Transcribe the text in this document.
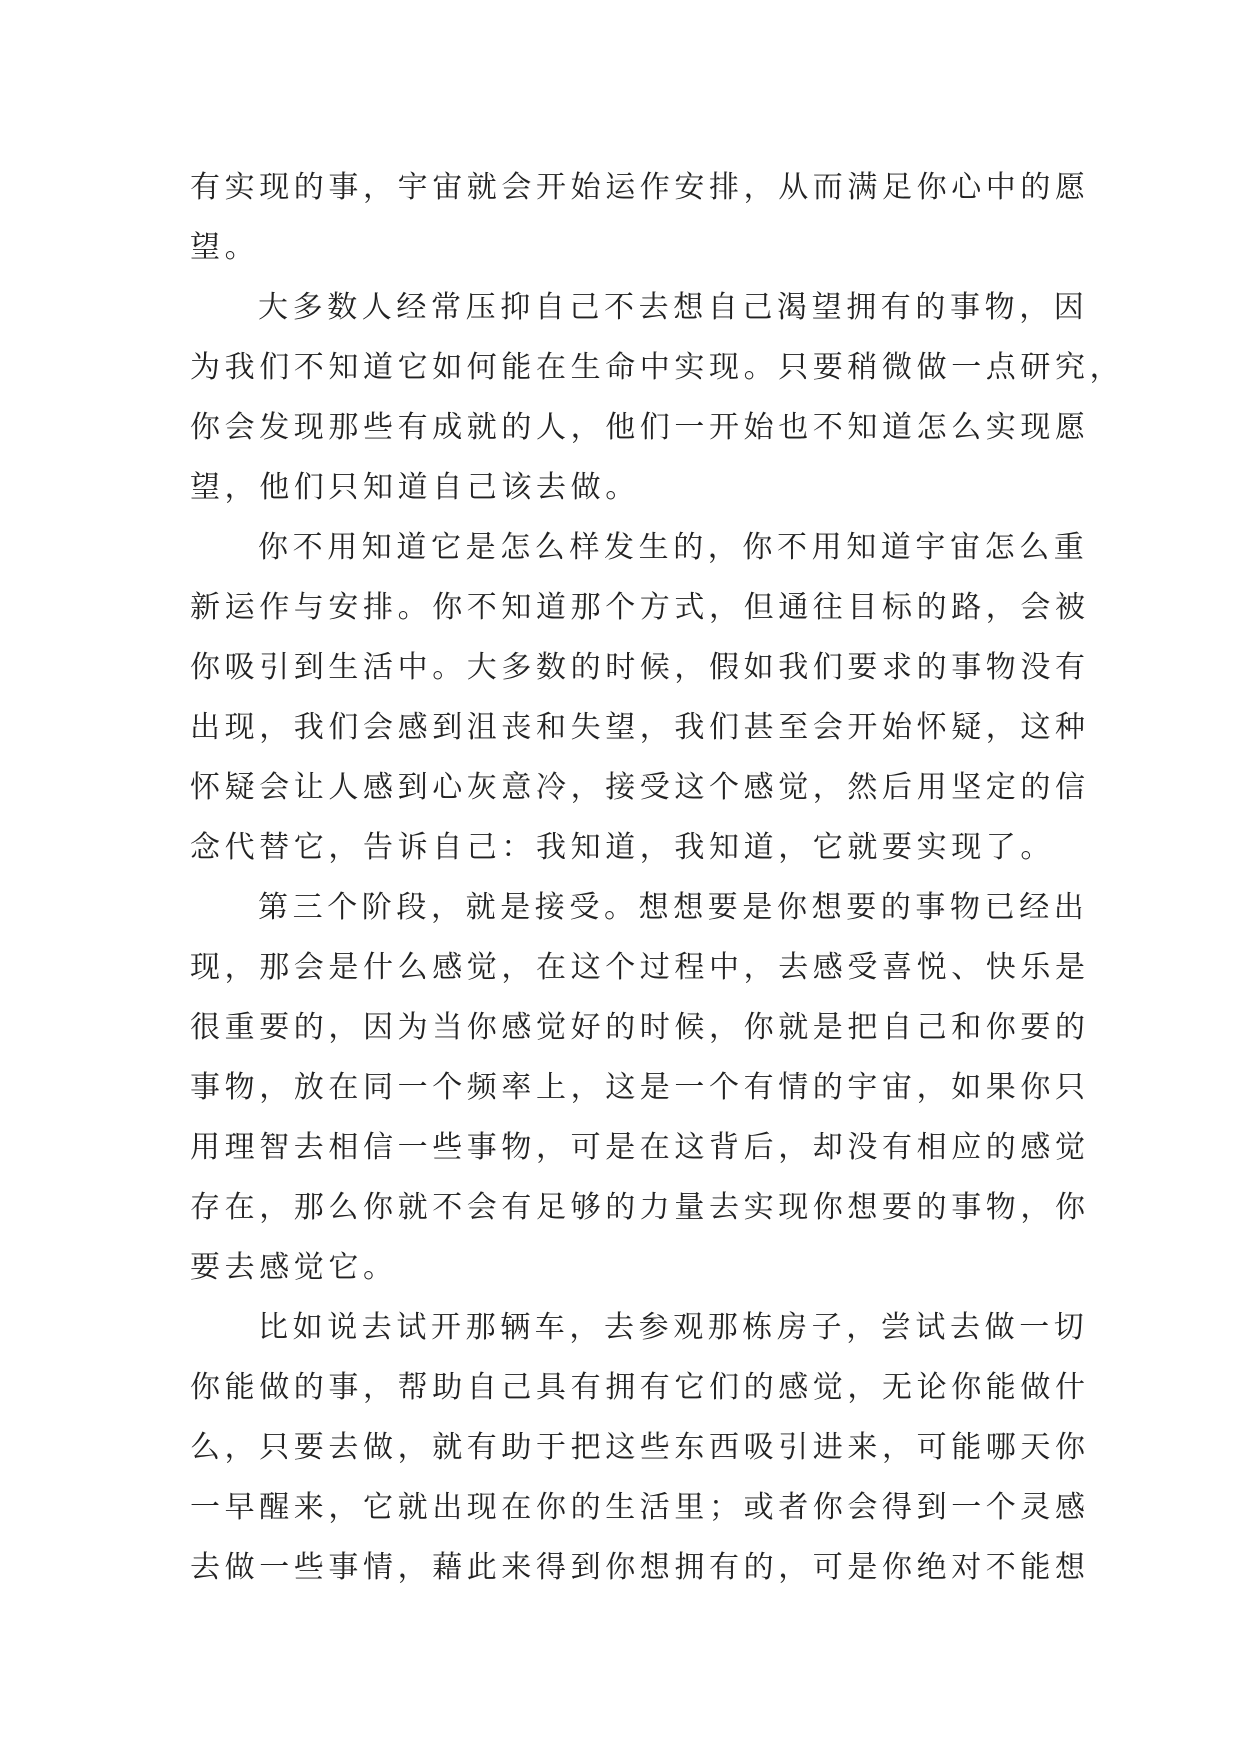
有实现的事，宇宙就会开始运作安排，从而满足你心中的愿
望。

大多数人经常压抑自己不去想自己渴望拥有的事物，因
为我们不知道它如何能在生命中实现。只要稍微做一点研究，
你会发现那些有成就的人，他们一开始也不知道怎么实现愿
望，他们只知道自己该去做。

你不用知道它是怎么样发生的，你不用知道宇宙怎么重
新运作与安排。你不知道那个方式，但通往目标的路，会被
你吸引到生活中。大多数的时候，假如我们要求的事物没有
出现，我们会感到沮丧和失望，我们甚至会开始怀疑，这种
怀疑会让人感到心灰意冷，接受这个感觉，然后用坚定的信
念代替它，告诉自己：我知道，我知道，它就要实现了。

第三个阶段，就是接受。想想要是你想要的事物已经出
现，那会是什么感觉，在这个过程中，去感受喜悦、快乐是
很重要的，因为当你感觉好的时候，你就是把自己和你要的
事物，放在同一个频率上，这是一个有情的宇宙，如果你只
用理智去相信一些事物，可是在这背后，却没有相应的感觉
存在，那么你就不会有足够的力量去实现你想要的事物，你
要去感觉它。

比如说去试开那辆车，去参观那栋房子，尝试去做一切
你能做的事，帮助自己具有拥有它们的感觉，无论你能做什
么，只要去做，就有助于把这些东西吸引进来，可能哪天你
一早醒来，它就出现在你的生活里；或者你会得到一个灵感
去做一些事情，藉此来得到你想拥有的，可是你绝对不能想
